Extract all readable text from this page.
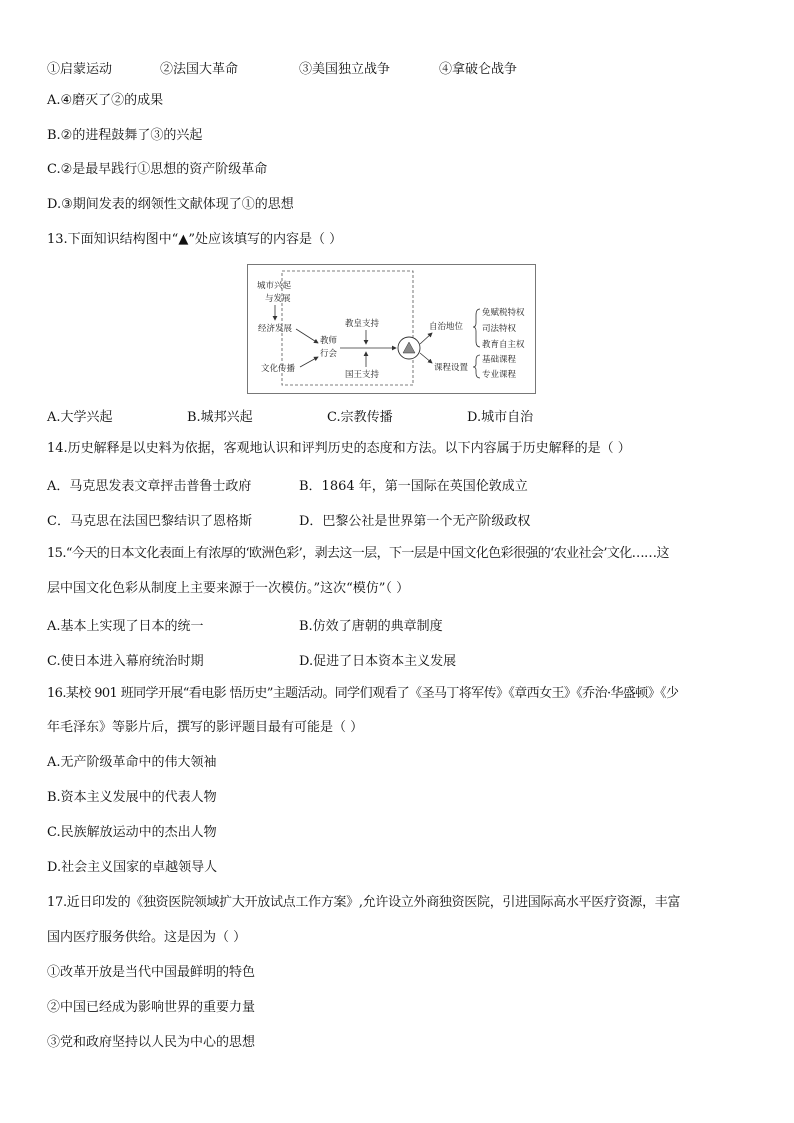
①启蒙运动	②法国大革命	③美国独立战争	④拿破仑战争
A.④磨灭了②的成果
B.②的进程鼓舞了③的兴起
C.②是最早践行①思想的资产阶级革命
D.③期间发表的纲领性文献体现了①的思想
13.下面知识结构图中“▲”处应该填写的内容是（ ）
城市兴起
与发展
经济发展
文化传播
教师
行会
教皇支持
国王支持
自治地位
课程设置
免赋税特权
司法特权
教育自主权
基础课程
专业课程
A.大学兴起	B.城邦兴起	C.宗教传播	D.城市自治
14.历史解释是以史料为依据，客观地认识和评判历史的态度和方法。以下内容属于历史解释的是（ ）
A．马克思发表文章抨击普鲁士政府	B．1864 年，第一国际在英国伦敦成立
C．马克思在法国巴黎结识了恩格斯	D．巴黎公社是世界第一个无产阶级政权
15.“今天的日本文化表面上有浓厚的‘欧洲色彩’，剥去这一层，下一层是中国文化色彩很强的‘农业社会’文化……这
层中国文化色彩从制度上主要来源于一次模仿。”这次“模仿”（ ）
A.基本上实现了日本的统一	B.仿效了唐朝的典章制度
C.使日本进入幕府统治时期	D.促进了日本资本主义发展
16.某校 901 班同学开展“看电影 悟历史”主题活动。同学们观看了《圣马丁将军传》《章西女王》《乔治·华盛顿》《少
年毛泽东》等影片后，撰写的影评题目最有可能是（ ）
A.无产阶级革命中的伟大领袖
B.资本主义发展中的代表人物
C.民族解放运动中的杰出人物
D.社会主义国家的卓越领导人
17.近日印发的《独资医院领域扩大开放试点工作方案》,允许设立外商独资医院，引进国际高水平医疗资源，丰富
国内医疗服务供给。这是因为（ ）
①改革开放是当代中国最鲜明的特色
②中国已经成为影响世界的重要力量
③党和政府坚持以人民为中心的思想
